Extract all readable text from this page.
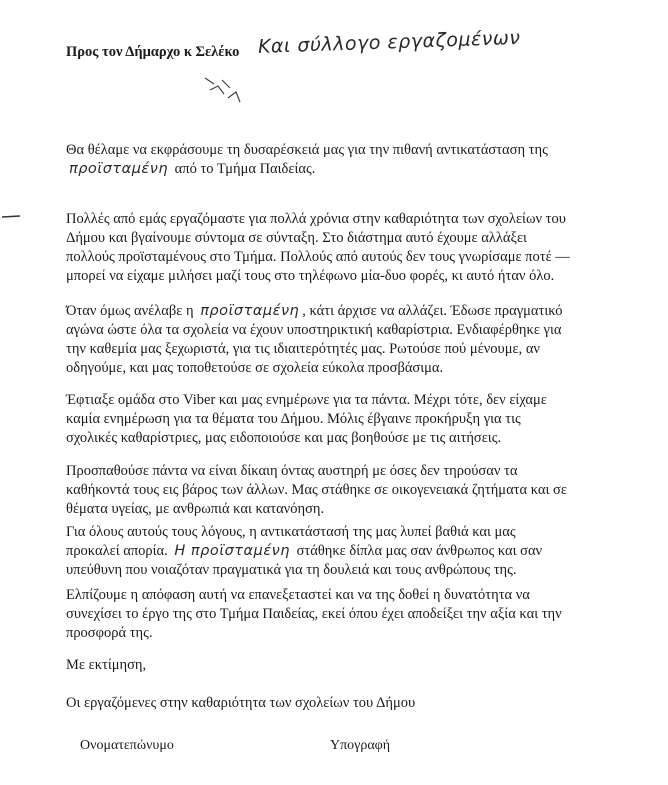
Προς τον Δήμαρχο κ Σελέκο Και σύλλογο εργαζομένων
Θα θέλαμε να εκφράσουμε τη δυσαρέσκειά μας για την πιθανή αντικατάσταση της
προϊσταμένη από το Τμήμα Παιδείας.
Πολλές από εμάς εργαζόμαστε για πολλά χρόνια στην καθαριότητα των σχολείων του Δήμου και βγαίνουμε σύντομα σε σύνταξη. Στο διάστημα αυτό έχουμε αλλάξει πολλούς προϊσταμένους στο Τμήμα. Πολλούς από αυτούς δεν τους γνωρίσαμε ποτέ — μπορεί να είχαμε μιλήσει μαζί τους στο τηλέφωνο μία-δυο φορές, κι αυτό ήταν όλο.
Όταν όμως ανέλαβε η προϊσταμένη , κάτι άρχισε να αλλάζει. Έδωσε πραγματικό αγώνα ώστε όλα τα σχολεία να έχουν υποστηρικτική καθαρίστρια. Ενδιαφέρθηκε για την καθεμία μας ξεχωριστά, για τις ιδιαιτερότητές μας. Ρωτούσε πού μένουμε, αν οδηγούμε, και μας τοποθετούσε σε σχολεία εύκολα προσβάσιμα.
Έφτιαξε ομάδα στο Viber και μας ενημέρωνε για τα πάντα. Μέχρι τότε, δεν είχαμε καμία ενημέρωση για τα θέματα του Δήμου. Μόλις έβγαινε προκήρυξη για τις σχολικές καθαρίστριες, μας ειδοποιούσε και μας βοηθούσε με τις αιτήσεις.
Προσπαθούσε πάντα να είναι δίκαιη όντας αυστηρή με όσες δεν τηρούσαν τα καθήκοντά τους εις βάρος των άλλων. Μας στάθηκε σε οικογενειακά ζητήματα και σε θέματα υγείας, με ανθρωπιά και κατανόηση.
Για όλους αυτούς τους λόγους, η αντικατάστασή της μας λυπεί βαθιά και μας προκαλεί απορία. Η προϊσταμένη στάθηκε δίπλα μας σαν άνθρωπος και σαν υπεύθυνη που νοιαζόταν πραγματικά για τη δουλειά και τους ανθρώπους της.
Ελπίζουμε η απόφαση αυτή να επανεξεταστεί και να της δοθεί η δυνατότητα να συνεχίσει το έργο της στο Τμήμα Παιδείας, εκεί όπου έχει αποδείξει την αξία και την προσφορά της.
Με εκτίμηση,
Οι εργαζόμενες στην καθαριότητα των σχολείων του Δήμου
Ονοματεπώνυμο	Υπογραφή
